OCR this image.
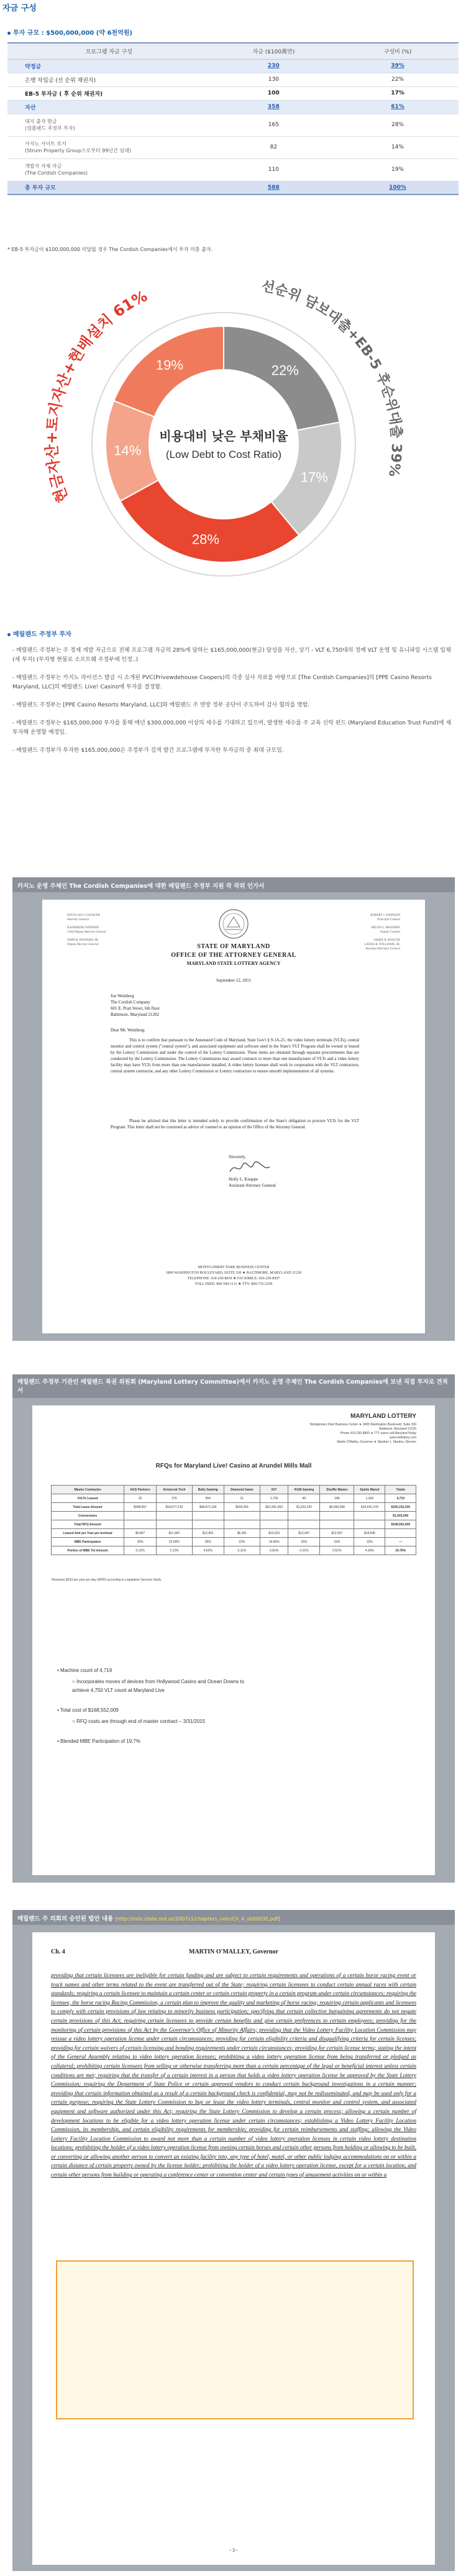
자금 구성
투자 규모 : $500,000,000 (약 6천억원)
프로그램 자금 구성	자금 ($100萬만)	구성비 (%)
약정금	230	39%
은행 차입금 (선 순위 채권자)	130	22%
EB-5 투자금 ( 후 순위 채권자)	100	17%
자산	358	61%
대지 출자 현금
(컴플랜드 주정부 투자)	165	28%
카지노 사이트 토지
(Strum Property Group으로부터 99년간 임대)	82	14%
개발자 자체 자금
(The Cordish Companies)	110	19%
총 투자 규모	588	100%
* EB-5 투자금이 $100,000,000 미달될 경우 The Cordish Companies에서 투자 미충 출자.
22%
17%
28%
14%
19%
비용대비 낮은 부채비율
(Low Debt to Cost Ratio)
현금자산+토지자산+현배설치 61%	선순위 담보대출+EB-5 후순위대출 39%
메릴랜드 주정부 투자

- 메릴랜드 주정부는 주 경제 개발 자금으로 전체 프로그램 자금의 28%에 달하는 $165,000,000(현금) 달성을 자산, 상기 - VLT 6,750대의 정예 VLT 운영 및 유니파일 시스템 일체(세 투자) (투자형 현물로 소프트웨 주정부에 인정..)

- 메릴랜드 주정부는 카지노 라이선스 발급 시 소개된 PVC(Privewdehouse Coopers)의 각종 실사 자료를 바탕으로 [The Cordish Companies]의 [PPE Casino Resorts Maryland, LLC]의 메릴랜드 Live! Casino에 투자를 결정함.

- 메릴랜드 주정부는 [PPE Casino Resorts Maryland, LLC]와 메릴랜드 주 연방 정부 공단이 주도하여 감사 협의를 명함.

- 메릴랜드 주정부는 $165,000,000 투자를 통해 매년 $300,000,000 이상의 세수를 기대하고 있으며, 발생한 세수를 주 교육 신탁 펀드 (Maryland Education Trust Fund)에 재투자해 운영할 예정임.

- 메릴랜드 주정부가 투자한 $165,000,000은 주정부가 검색 발간 프로그램에 투자한 투자금의 중 최대 규모임.

카지노 운영 주체인 The Cordish Companies에 대한 메릴랜드 주정부 지원 작 작위 인가서
DOUGLAS F. GANSLER
Attorney General
KATHERINE WINFREE
Chief Deputy Attorney General
JOHN B. HOWARD, JR.
Deputy Attorney General
ROBERT J. JOHNSON
Principal Counsel
HELEN L. BRANDES
Deputy Counsel
JAMES B. ROSCOE
LANAS B. WILLIAMS, JR.
Assistant Attorneys General
STATE OF MARYLAND
OFFICE OF THE ATTORNEY GENERAL
MARYLAND STATE LOTTERY AGENCY
September 12, 2011
Joe Weinberg
The Cordish Company
601 E. Pratt Street, 6th floor
Baltimore, Maryland 21202
Dear Mr. Weinberg:
This is to confirm that pursuant to the Annotated Code of Maryland, State Gov't § 9-1A-21, the video lottery terminals (VLTs), central monitor and control system ("central system"), and associated equipment and software used in the State's VLT Program shall be owned or leased by the Lottery Commission and under the control of the Lottery Commission. These items are obtained through separate procurements that are conducted by the Lottery Commission. The Lottery Commission may award contracts to more than one manufacturer of VLTs and a video lottery facility may have VLTs from more than one manufacturer installed. A video lottery licensee shall work in cooperation with the VLT contractors, central system contractor, and any other Lottery Commission or Lottery contractors to ensure smooth implementation of all systems.
Please be advised that this letter is intended solely to provide confirmation of the State's obligation to procure VLTs for the VLT Program. This letter shall not be construed as advice of counsel or an opinion of the Office of the Attorney General.
Sincerely,
Holly L. Knappe
Assistant Attorney General
MONTGOMERY PARK BUSINESS CENTER
1800 WASHINGTON BOULEVARD, SUITE 330 ★ BALTIMORE, MARYLAND 21230
TELEPHONE: 410-230-8030 ★ FACSIMILE: 410-230-8307
TOLL FREE: 800-590-1111 ★ TTY: 800-735-2258
메릴랜드 주정부 기관인 메릴랜드 복권 위원회 (Maryland Lottery Committee)에서 카지노 운영 주체인 The Cordish Companies에 보낸 직접 투자로 견적서
MARYLAND LOTTERY
Montgomery Park Business Center ★ 1800 Washington Boulevard, Suite 330
Baltimore, Maryland 21230
Phone 410-230-8800 ★ TTY users call Maryland Relay
www.mdlottery.com
Martin O'Malley, Governor ★ Stephen L. Martino, Director
RFQs for Maryland Live! Casino at Arundel Mills Mall
Master Contractor	AGS Partners	Aristocrat Tech	Bally Gaming	Diamond Game	IGT	KGM Gaming	Shuffle Master	Spielo Manuf	Totals
#VLTs Leased	22	370	954	21	1,700	40	180	1,342	4,719
Total Lease Amount	$998,857	$18,677,210	$48,871,166	$534,354	$62,991,653	$1,620,225	$6,996,598	$19,641,378	$160,232,030
Conversions									$1,003,040
Total RFQ Amount									$168,552,009
Leased Amt per Year per terminal	$5,807	$11,962	$12,801	$6,361	$10,623	$12,947	$12,957	$14,646	
MBE Participation	25%	23.50%	25%	22%	19.60%	25%	15%	15%	—
Portion of MBE Tot Amount	0.12%	2.12%	4.62%	0.11%	6.81%	0.21%	0.51%	4.30%	19.76%
*Assumes $310 per year per day (WPD) according to Legislative Services Study
• Machine count of 4,719
○ Incorporates moves of devices from Hollywood Casino and Ocean Downs to achieve 4,750 VLT count at Maryland Live
• Total cost of $168,552,009
○ RFQ costs are through end of master contract – 3/31/2015
• Blended MBE Participation of 19.7%
메릴랜드 주 의회의 승인된 법안 내용 [http://mlis.state.md.us/2007s1/chapters_noln/Ch_4_sb0003E.pdf]
Ch. 4	MARTIN O'MALLEY, Governor
providing that certain licensees are ineligible for certain funding and are subject to certain requirements and operations of a certain horse racing event or track names and other terms related to the event are transferred out of the State; requiring certain licensees to conduct certain annual races with certain standards; requiring a certain licensee to maintain a certain center or certain certain property in a certain program under certain circumstances; requiring the licensee, the horse racing Racing Commission, a certain plan to improve the quality and marketing of horse racing; requiring certain applicants and licensees to comply with certain provisions of law relating to minority business participation; specifying that certain collective bargaining agreements do not negate certain provisions of this Act; requiring certain licensees to provide certain benefits and give certain preferences to certain employees; providing for the monitoring of certain provisions of this Act by the Governor's Office of Minority Affairs; providing that the Video Lottery Facility Location Commission may reissue a video lottery operation license under certain circumstances; providing for certain eligibility criteria and disqualifying criteria for certain licenses; providing for certain waivers of certain licensing and bonding requirements under certain circumstances; providing for certain license terms; stating the intent of the General Assembly relating to video lottery operation licenses; prohibiting a video lottery operation license from being transferred or pledged as collateral; prohibiting certain licensees from selling or otherwise transferring more than a certain percentage of the legal or beneficial interest unless certain conditions are met; requiring that the transfer of a certain interest in a person that holds a video lottery operation license be approved by the State Lottery Commission; requiring the Department of State Police or certain approved vendors to conduct certain background investigations in a certain manner; providing that certain information obtained as a result of a certain background check is confidential, may not be redisseminated, and may be used only for a certain purpose; requiring the State Lottery Commission to buy or lease the video lottery terminals, central monitor and control system, and associated equipment and software authorized under this Act; requiring the State Lottery Commission to develop a certain process; allowing a certain number of development locations to be eligible for a video lottery operation license under certain circumstances; establishing a Video Lottery Facility Location Commission, its membership, and certain eligibility requirements for membership; providing for certain reimbursements and staffing; allowing the Video Lottery Facility Location Commission to award not more than a certain number of video lottery operation licenses in certain video lottery destination locations; prohibiting the holder of a video lottery operation license from owning certain horses and certain other persons from holding or allowing to be built, or converting or allowing another person to convert an existing facility into, any type of hotel, motel, or other public lodging accommodations on or within a certain distance of certain property owned by the license holder; prohibiting the holder of a video lottery operation license, except for a certain location, and certain other persons from building or operating a conference center or convention center and certain types of amusement activities on or within a
- 3 -
